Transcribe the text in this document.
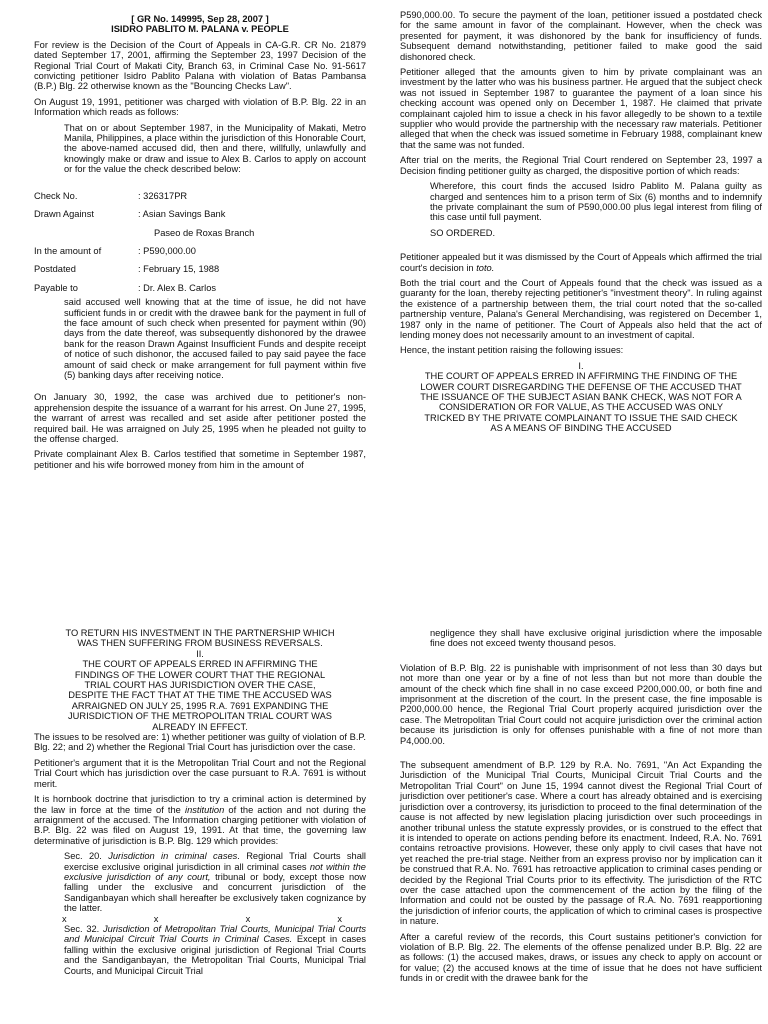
[ GR No. 149995, Sep 28, 2007 ]

ISIDRO PABLITO M. PALANA v. PEOPLE

For review is the Decision of the Court of Appeals in CA-G.R. CR No. 21879 dated September 17, 2001, affirming the September 23, 1997 Decision of the Regional Trial Court of Makati City, Branch 63, in Criminal Case No. 91-5617 convicting petitioner Isidro Pablito Palana with violation of Batas Pambansa (B.P.) Blg. 22 otherwise known as the "Bouncing Checks Law".

On August 19, 1991, petitioner was charged with violation of B.P. Blg. 22 in an Information which reads as follows:

That on or about September 1987, in the Municipality of Makati, Metro Manila, Philippines, a place within the jurisdiction of this Honorable Court, the above-named accused did, then and there, willfully, unlawfully and knowingly make or draw and issue to Alex B. Carlos to apply on account or for the value the check described below:

Check No.	: 326317PR
Drawn Against	: Asian Savings Bank
Paseo de Roxas Branch
In the amount of	: P590,000.00
Postdated	: February 15, 1988
Payable to	: Dr. Alex B. Carlos

said accused well knowing that at the time of issue, he did not have sufficient funds in or credit with the drawee bank for the payment in full of the face amount of such check when presented for payment within (90) days from the date thereof, was subsequently dishonored by the drawee bank for the reason Drawn Against Insufficient Funds and despite receipt of notice of such dishonor, the accused failed to pay said payee the face amount of said check or make arrangement for full payment within five (5) banking days after receiving notice.

On January 30, 1992, the case was archived due to petitioner's non-apprehension despite the issuance of a warrant for his arrest. On June 27, 1995, the warrant of arrest was recalled and set aside after petitioner posted the required bail. He was arraigned on July 25, 1995 when he pleaded not guilty to the offense charged.

Private complainant Alex B. Carlos testified that sometime in September 1987, petitioner and his wife borrowed money from him in the amount of

P590,000.00. To secure the payment of the loan, petitioner issued a postdated check for the same amount in favor of the complainant. However, when the check was presented for payment, it was dishonored by the bank for insufficiency of funds. Subsequent demand notwithstanding, petitioner failed to make good the said dishonored check.

Petitioner alleged that the amounts given to him by private complainant was an investment by the latter who was his business partner. He argued that the subject check was not issued in September 1987 to guarantee the payment of a loan since his checking account was opened only on December 1, 1987. He claimed that private complainant cajoled him to issue a check in his favor allegedly to be shown to a textile supplier who would provide the partnership with the necessary raw materials. Petitioner alleged that when the check was issued sometime in February 1988, complainant knew that the same was not funded.

After trial on the merits, the Regional Trial Court rendered on September 23, 1997 a Decision finding petitioner guilty as charged, the dispositive portion of which reads:

Wherefore, this court finds the accused Isidro Pablito M. Palana guilty as charged and sentences him to a prison term of Six (6) months and to indemnify the private complainant the sum of P590,000.00 plus legal interest from filing of this case until full payment.

SO ORDERED.

Petitioner appealed but it was dismissed by the Court of Appeals which affirmed the trial court's decision in toto.

Both the trial court and the Court of Appeals found that the check was issued as a guaranty for the loan, thereby rejecting petitioner's "investment theory". In ruling against the existence of a partnership between them, the trial court noted that the so-called partnership venture, Palana's General Merchandising, was registered on December 1, 1987 only in the name of petitioner. The Court of Appeals also held that the act of lending money does not necessarily amount to an investment of capital.

Hence, the instant petition raising the following issues:

I.

THE COURT OF APPEALS ERRED IN AFFIRMING THE FINDING OF THE LOWER COURT DISREGARDING THE DEFENSE OF THE ACCUSED THAT THE ISSUANCE OF THE SUBJECT ASIAN BANK CHECK, WAS NOT FOR A CONSIDERATION OR FOR VALUE, AS THE ACCUSED WAS ONLY TRICKED BY THE PRIVATE COMPLAINANT TO ISSUE THE SAID CHECK AS A MEANS OF BINDING THE ACCUSED

TO RETURN HIS INVESTMENT IN THE PARTNERSHIP WHICH WAS THEN SUFFERING FROM BUSINESS REVERSALS.

II.

THE COURT OF APPEALS ERRED IN AFFIRMING THE FINDINGS OF THE LOWER COURT THAT THE REGIONAL TRIAL COURT HAS JURISDICTION OVER THE CASE, DESPITE THE FACT THAT AT THE TIME THE ACCUSED WAS ARRAIGNED ON JULY 25, 1995 R.A. 7691 EXPANDING THE JURISDICTION OF THE METROPOLITAN TRIAL COURT WAS ALREADY IN EFFECT.

The issues to be resolved are: 1) whether petitioner was guilty of violation of B.P. Blg. 22; and 2) whether the Regional Trial Court has jurisdiction over the case.

Petitioner's argument that it is the Metropolitan Trial Court and not the Regional Trial Court which has jurisdiction over the case pursuant to R.A. 7691 is without merit.

It is hornbook doctrine that jurisdiction to try a criminal action is determined by the law in force at the time of the institution of the action and not during the arraignment of the accused. The Information charging petitioner with violation of B.P. Blg. 22 was filed on August 19, 1991. At that time, the governing law determinative of jurisdiction is B.P. Blg. 129 which provides:

Sec. 20. Jurisdiction in criminal cases. Regional Trial Courts shall exercise exclusive original jurisdiction in all criminal cases not within the exclusive jurisdiction of any court, tribunal or body, except those now falling under the exclusive and concurrent jurisdiction of the Sandiganbayan which shall hereafter be exclusively taken cognizance by the latter.

x	x	x	x

Sec. 32. Jurisdiction of Metropolitan Trial Courts, Municipal Trial Courts and Municipal Circuit Trial Courts in Criminal Cases. Except in cases falling within the exclusive original jurisdiction of Regional Trial Courts and the Sandiganbayan, the Metropolitan Trial Courts, Municipal Trial Courts, and Municipal Circuit Trial

negligence they shall have exclusive original jurisdiction where the imposable fine does not exceed twenty thousand pesos.

Violation of B.P. Blg. 22 is punishable with imprisonment of not less than 30 days but not more than one year or by a fine of not less than but not more than double the amount of the check which fine shall in no case exceed P200,000.00, or both fine and imprisonment at the discretion of the court. In the present case, the fine imposable is P200,000.00 hence, the Regional Trial Court properly acquired jurisdiction over the case. The Metropolitan Trial Court could not acquire jurisdiction over the criminal action because its jurisdiction is only for offenses punishable with a fine of not more than P4,000.00.

The subsequent amendment of B.P. 129 by R.A. No. 7691, "An Act Expanding the Jurisdiction of the Municipal Trial Courts, Municipal Circuit Trial Courts and the Metropolitan Trial Court" on June 15, 1994 cannot divest the Regional Trial Court of jurisdiction over petitioner's case. Where a court has already obtained and is exercising jurisdiction over a controversy, its jurisdiction to proceed to the final determination of the cause is not affected by new legislation placing jurisdiction over such proceedings in another tribunal unless the statute expressly provides, or is construed to the effect that it is intended to operate on actions pending before its enactment. Indeed, R.A. No. 7691 contains retroactive provisions. However, these only apply to civil cases that have not yet reached the pre-trial stage. Neither from an express proviso nor by implication can it be construed that R.A. No. 7691 has retroactive application to criminal cases pending or decided by the Regional Trial Courts prior to its effectivity. The jurisdiction of the RTC over the case attached upon the commencement of the action by the filing of the Information and could not be ousted by the passage of R.A. No. 7691 reapportioning the jurisdiction of inferior courts, the application of which to criminal cases is prospective in nature.

After a careful review of the records, this Court sustains petitioner's conviction for violation of B.P. Blg. 22. The elements of the offense penalized under B.P. Blg. 22 are as follows: (1) the accused makes, draws, or issues any check to apply on account or for value; (2) the accused knows at the time of issue that he does not have sufficient funds in or credit with the drawee bank for the
